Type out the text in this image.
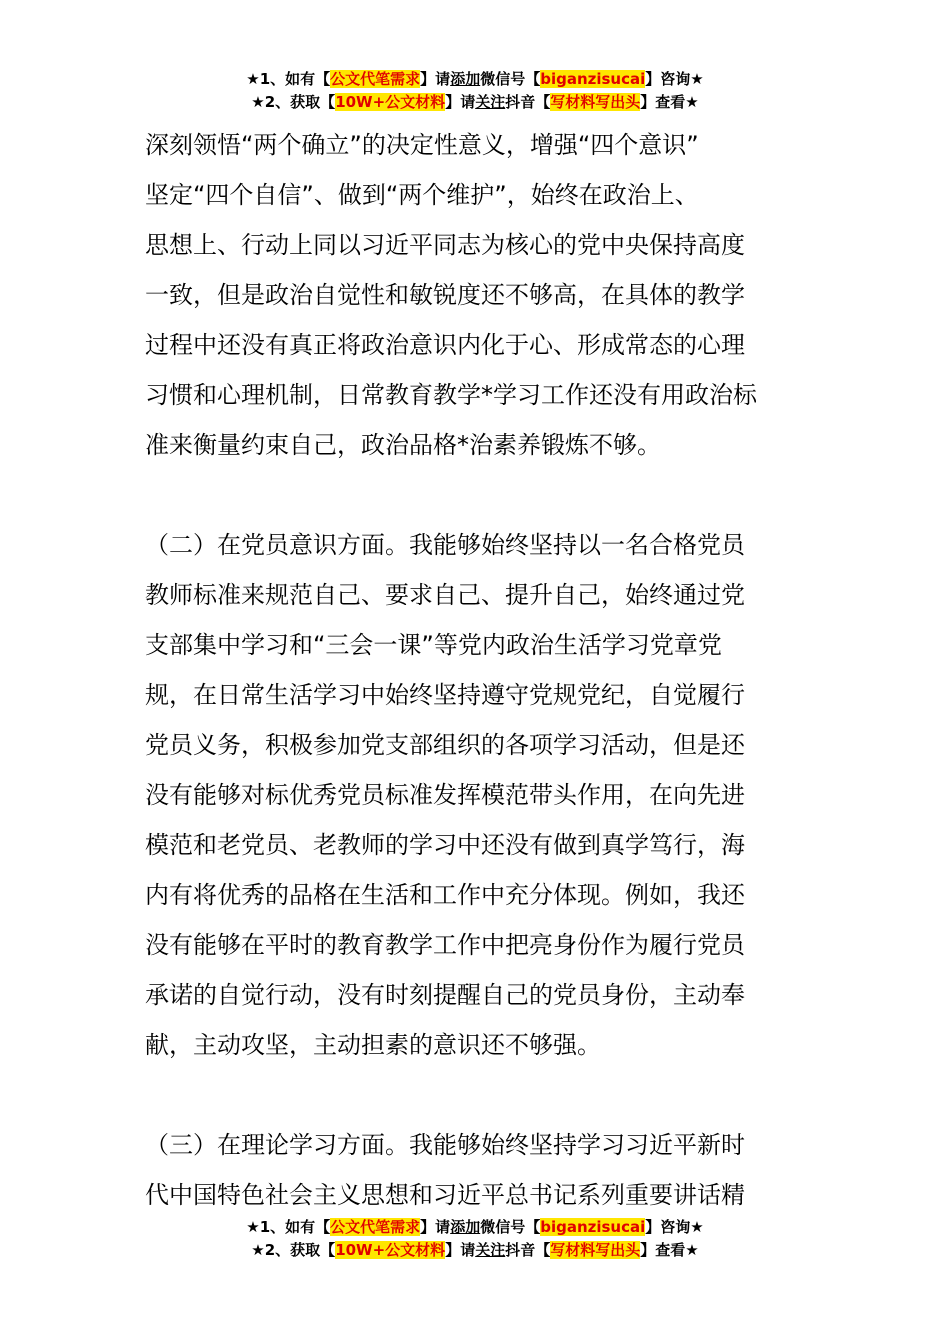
★1、如有【公文代笔需求】请添加微信号【biganzisucai】咨询★
★2、获取【10W+公文材料】请关注抖音【写材料写出头】查看★

深刻领悟“两个确立”的决定性意义，增强“四个意识”
坚定“四个自信”、做到“两个维护”，始终在政治上、
思想上、行动上同以习近平同志为核心的党中央保持高度
一致，但是政治自觉性和敏锐度还不够高，在具体的教学
过程中还没有真正将政治意识内化于心、形成常态的心理
习惯和心理机制，日常教育教学*学习工作还没有用政治标
准来衡量约束自己，政治品格*治素养锻炼不够。

（二）在党员意识方面。我能够始终坚持以一名合格党员
教师标准来规范自己、要求自己、提升自己，始终通过党
支部集中学习和“三会一课”等党内政治生活学习党章党
规，在日常生活学习中始终坚持遵守党规党纪，自觉履行
党员义务，积极参加党支部组织的各项学习活动，但是还
没有能够对标优秀党员标准发挥模范带头作用，在向先进
模范和老党员、老教师的学习中还没有做到真学笃行，海
内有将优秀的品格在生活和工作中充分体现。例如，我还
没有能够在平时的教育教学工作中把亮身份作为履行党员
承诺的自觉行动，没有时刻提醒自己的党员身份，主动奉
献，主动攻坚，主动担素的意识还不够强。

（三）在理论学习方面。我能够始终坚持学习习近平新时
代中国特色社会主义思想和习近平总书记系列重要讲话精

★1、如有【公文代笔需求】请添加微信号【biganzisucai】咨询★
★2、获取【10W+公文材料】请关注抖音【写材料写出头】查看★
